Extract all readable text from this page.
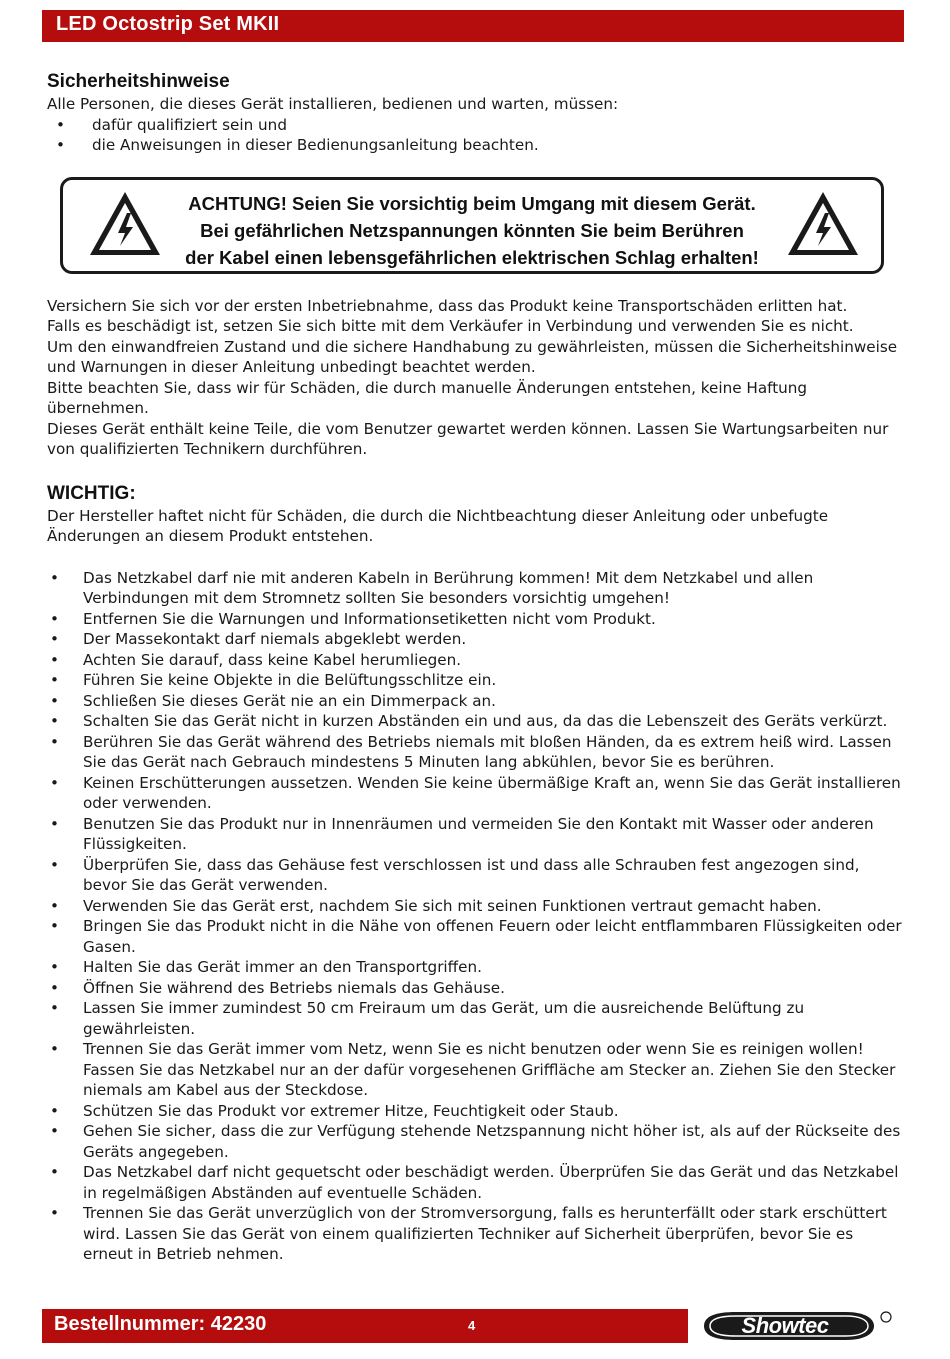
LED Octostrip Set MKII
Sicherheitshinweise

Alle Personen, die dieses Gerät installieren, bedienen und warten, müssen:

• dafür qualifiziert sein und
• die Anweisungen in dieser Bedienungsanleitung beachten.
ACHTUNG! Seien Sie vorsichtig beim Umgang mit diesem Gerät.
Bei gefährlichen Netzspannungen könnten Sie beim Berühren
der Kabel einen lebensgefährlichen elektrischen Schlag erhalten!

Versichern Sie sich vor der ersten Inbetriebnahme, dass das Produkt keine Transportschäden erlitten hat.

Falls es beschädigt ist, setzen Sie sich bitte mit dem Verkäufer in Verbindung und verwenden Sie es nicht.

Um den einwandfreien Zustand und die sichere Handhabung zu gewährleisten, müssen die Sicherheitshinweise und Warnungen in dieser Anleitung unbedingt beachtet werden.

Bitte beachten Sie, dass wir für Schäden, die durch manuelle Änderungen entstehen, keine Haftung übernehmen.

Dieses Gerät enthält keine Teile, die vom Benutzer gewartet werden können. Lassen Sie Wartungsarbeiten nur von qualifizierten Technikern durchführen.

WICHTIG:

Der Hersteller haftet nicht für Schäden, die durch die Nichtbeachtung dieser Anleitung oder unbefugte Änderungen an diesem Produkt entstehen.

• Das Netzkabel darf nie mit anderen Kabeln in Berührung kommen! Mit dem Netzkabel und allen Verbindungen mit dem Stromnetz sollten Sie besonders vorsichtig umgehen!
• Entfernen Sie die Warnungen und Informationsetiketten nicht vom Produkt.
• Der Massekontakt darf niemals abgeklebt werden.
• Achten Sie darauf, dass keine Kabel herumliegen.
• Führen Sie keine Objekte in die Belüftungsschlitze ein.
• Schließen Sie dieses Gerät nie an ein Dimmerpack an.
• Schalten Sie das Gerät nicht in kurzen Abständen ein und aus, da das die Lebenszeit des Geräts verkürzt.
• Berühren Sie das Gerät während des Betriebs niemals mit bloßen Händen, da es extrem heiß wird. Lassen Sie das Gerät nach Gebrauch mindestens 5 Minuten lang abkühlen, bevor Sie es berühren.
• Keinen Erschütterungen aussetzen. Wenden Sie keine übermäßige Kraft an, wenn Sie das Gerät installieren oder verwenden.
• Benutzen Sie das Produkt nur in Innenräumen und vermeiden Sie den Kontakt mit Wasser oder anderen Flüssigkeiten.
• Überprüfen Sie, dass das Gehäuse fest verschlossen ist und dass alle Schrauben fest angezogen sind, bevor Sie das Gerät verwenden.
• Verwenden Sie das Gerät erst, nachdem Sie sich mit seinen Funktionen vertraut gemacht haben.
• Bringen Sie das Produkt nicht in die Nähe von offenen Feuern oder leicht entflammbaren Flüssigkeiten oder Gasen.
• Halten Sie das Gerät immer an den Transportgriffen.
• Öffnen Sie während des Betriebs niemals das Gehäuse.
• Lassen Sie immer zumindest 50 cm Freiraum um das Gerät, um die ausreichende Belüftung zu gewährleisten.
• Trennen Sie das Gerät immer vom Netz, wenn Sie es nicht benutzen oder wenn Sie es reinigen wollen! Fassen Sie das Netzkabel nur an der dafür vorgesehenen Griffläche am Stecker an. Ziehen Sie den Stecker niemals am Kabel aus der Steckdose.
• Schützen Sie das Produkt vor extremer Hitze, Feuchtigkeit oder Staub.
• Gehen Sie sicher, dass die zur Verfügung stehende Netzspannung nicht höher ist, als auf der Rückseite des Geräts angegeben.
• Das Netzkabel darf nicht gequetscht oder beschädigt werden. Überprüfen Sie das Gerät und das Netzkabel in regelmäßigen Abständen auf eventuelle Schäden.
• Trennen Sie das Gerät unverzüglich von der Stromversorgung, falls es herunterfällt oder stark erschüttert wird. Lassen Sie das Gerät von einem qualifizierten Techniker auf Sicherheit überprüfen, bevor Sie es erneut in Betrieb nehmen.
Bestellnummer: 42230	4	Showtec
